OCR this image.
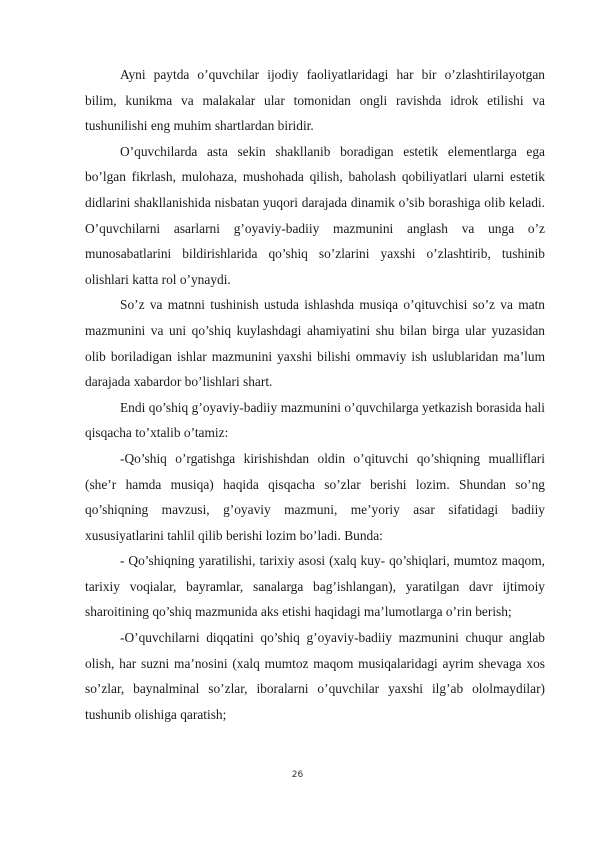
Ayni paytda o’quvchilar ijodiy faoliyatlaridagi har bir o’zlashtirilayotgan bilim, kunikma va malakalar ular tomonidan ongli ravishda idrok etilishi va tushunilishi eng muhim shartlardan biridir.

O’quvchilarda asta sekin shakllanib boradigan estetik elementlarga ega bo’lgan fikrlash, mulohaza, mushohada qilish, baholash qobiliyatlari ularni estetik didlarini shakllanishida nisbatan yuqori darajada dinamik o’sib borashiga olib keladi. O’quvchilarni asarlarni g’oyaviy-badiiy mazmunini anglash va unga o’z munosabatlarini bildirishlarida qo’shiq so’zlarini yaxshi o’zlashtirib, tushinib olishlari katta rol o’ynaydi.

So’z va matnni tushinish ustuda ishlashda musiqa o’qituvchisi so’z va matn mazmunini va uni qo’shiq kuylashdagi ahamiyatini shu bilan birga ular yuzasidan olib boriladigan ishlar mazmunini yaxshi bilishi ommaviy ish uslublaridan ma’lum darajada xabardor bo’lishlari shart.

Endi qo’shiq g’oyaviy-badiiy mazmunini o’quvchilarga yetkazish borasida hali qisqacha to’xtalib o’tamiz:

-Qo’shiq o’rgatishga kirishishdan oldin o’qituvchi qo’shiqning mualliflari (she’r hamda musiqa) haqida qisqacha so’zlar berishi lozim. Shundan so’ng qo’shiqning mavzusi, g’oyaviy mazmuni, me’yoriy asar sifatidagi badiiy xususiyatlarini tahlil qilib berishi lozim bo’ladi. Bunda:

- Qo’shiqning yaratilishi, tarixiy asosi (xalq kuy- qo’shiqlari, mumtoz maqom, tarixiy voqialar, bayramlar, sanalarga bag’ishlangan), yaratilgan davr ijtimoiy sharoitining qo’shiq mazmunida aks etishi haqidagi ma’lumotlarga o’rin berish;

-O’quvchilarni diqqatini qo’shiq g’oyaviy-badiiy mazmunini chuqur anglab olish, har suzni ma’nosini (xalq mumtoz maqom musiqalaridagi ayrim shevaga xos so’zlar, baynalminal so’zlar, iboralarni o’quvchilar yaxshi ilg’ab ololmaydilar) tushunib olishiga qaratish;

26
